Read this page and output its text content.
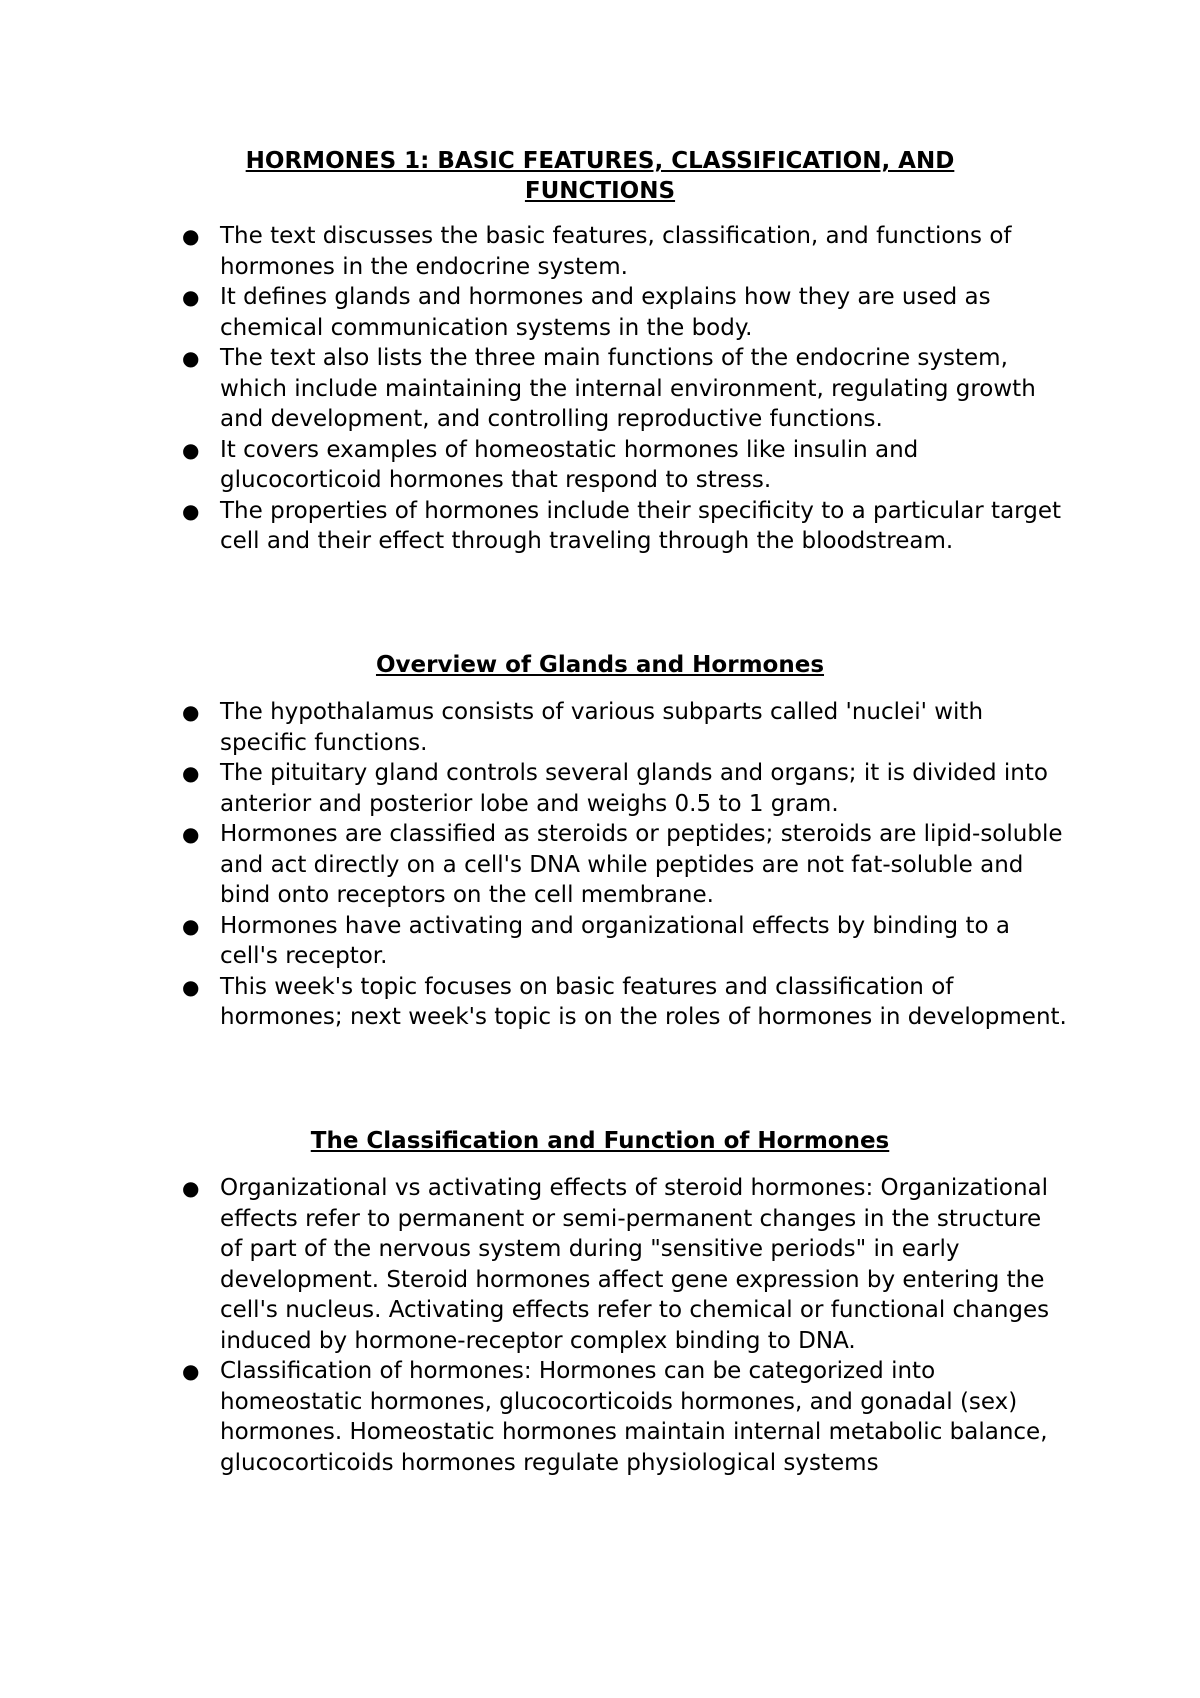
HORMONES 1: BASIC FEATURES, CLASSIFICATION, AND
FUNCTIONS
● The text discusses the basic features, classification, and functions of hormones in the endocrine system.
● It defines glands and hormones and explains how they are used as chemical communication systems in the body.
● The text also lists the three main functions of the endocrine system, which include maintaining the internal environment, regulating growth and development, and controlling reproductive functions.
● It covers examples of homeostatic hormones like insulin and glucocorticoid hormones that respond to stress.
● The properties of hormones include their specificity to a particular target cell and their effect through traveling through the bloodstream.
Overview of Glands and Hormones
● The hypothalamus consists of various subparts called 'nuclei' with specific functions.
● The pituitary gland controls several glands and organs; it is divided into anterior and posterior lobe and weighs 0.5 to 1 gram.
● Hormones are classified as steroids or peptides; steroids are lipid-soluble and act directly on a cell's DNA while peptides are not fat-soluble and bind onto receptors on the cell membrane.
● Hormones have activating and organizational effects by binding to a cell's receptor.
● This week's topic focuses on basic features and classification of hormones; next week's topic is on the roles of hormones in development.
The Classification and Function of Hormones
● Organizational vs activating effects of steroid hormones: Organizational effects refer to permanent or semi-permanent changes in the structure of part of the nervous system during "sensitive periods" in early development. Steroid hormones affect gene expression by entering the cell's nucleus. Activating effects refer to chemical or functional changes induced by hormone-receptor complex binding to DNA.
● Classification of hormones: Hormones can be categorized into homeostatic hormones, glucocorticoids hormones, and gonadal (sex) hormones. Homeostatic hormones maintain internal metabolic balance, glucocorticoids hormones regulate physiological systems
